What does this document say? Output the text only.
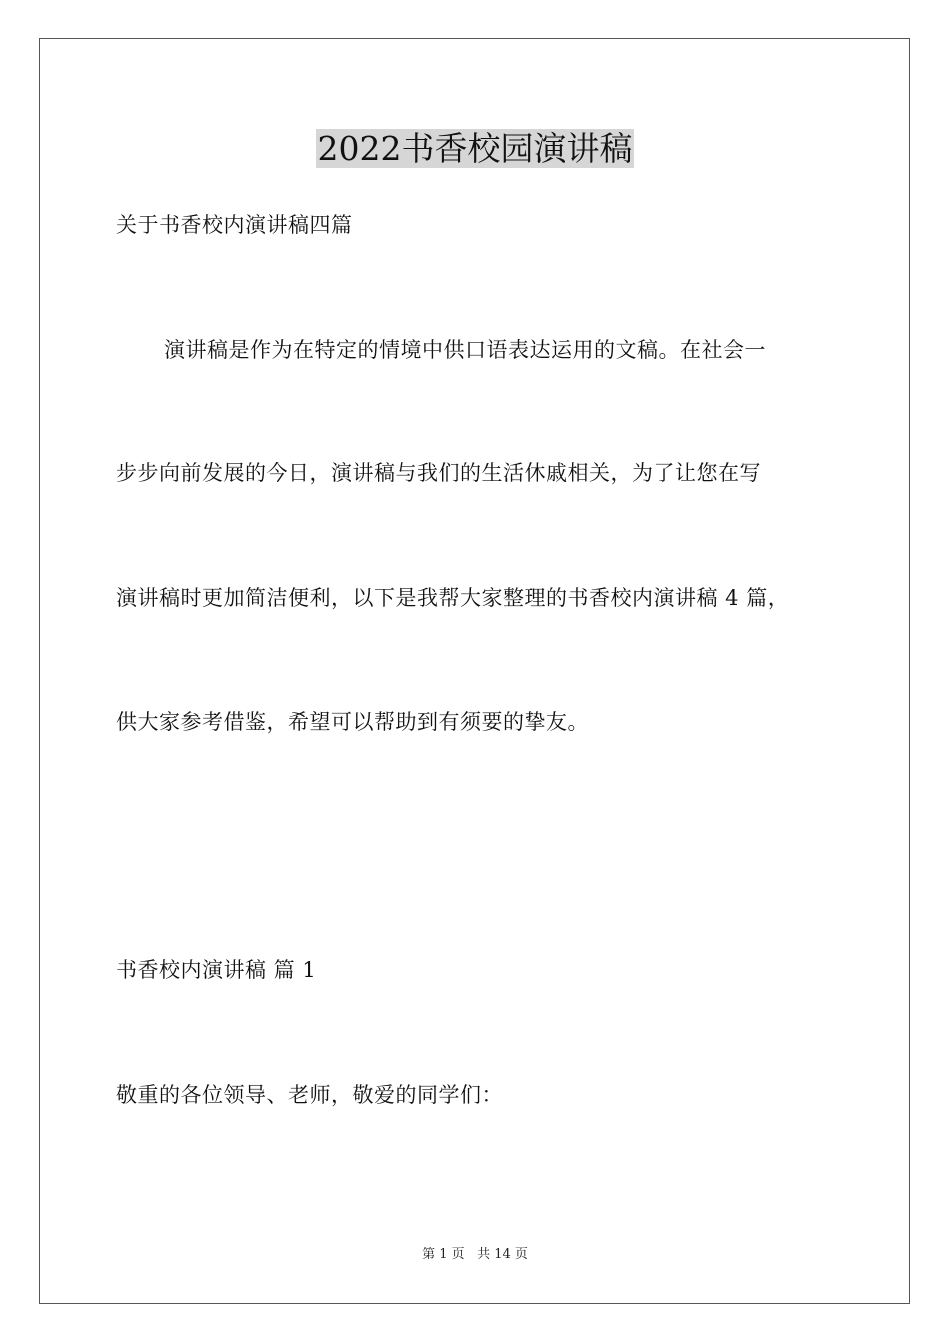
2022书香校园演讲稿
关于书香校内演讲稿四篇
演讲稿是作为在特定的情境中供口语表达运用的文稿。在社会一
步步向前发展的今日，演讲稿与我们的生活休戚相关，为了让您在写
演讲稿时更加简洁便利，以下是我帮大家整理的书香校内演讲稿 4 篇，
供大家参考借鉴，希望可以帮助到有须要的挚友。
书香校内演讲稿 篇 1
敬重的各位领导、老师，敬爱的同学们：
第 1 页 共 14 页
